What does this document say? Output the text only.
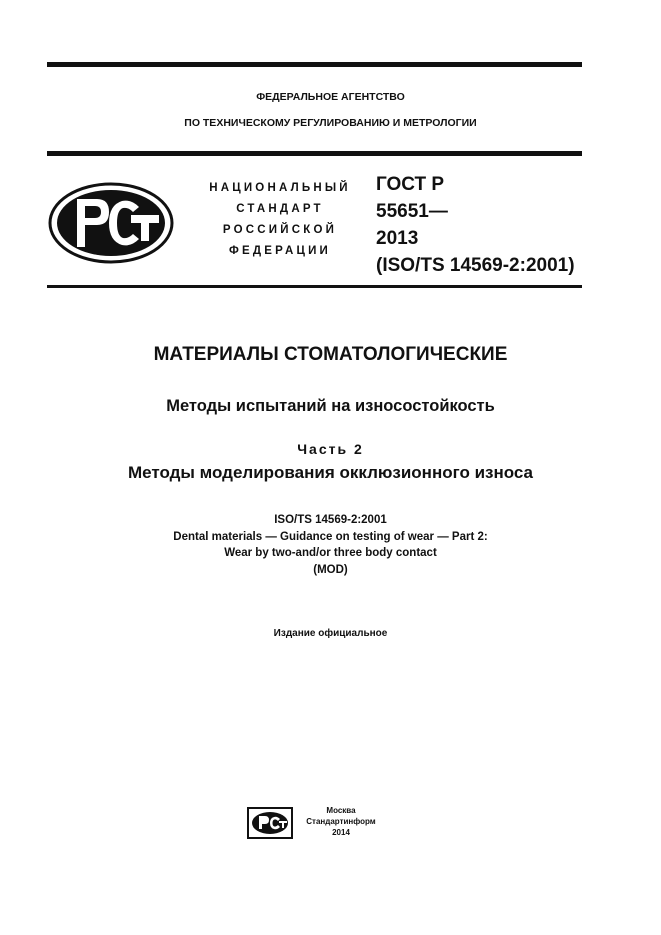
ФЕДЕРАЛЬНОЕ АГЕНТСТВО
ПО ТЕХНИЧЕСКОМУ РЕГУЛИРОВАНИЮ И МЕТРОЛОГИИ
НАЦИОНАЛЬНЫЙ
СТАНДАРТ
РОССИЙСКОЙ
ФЕДЕРАЦИИ
ГОСТ Р
55651—
2013
(ISO/TS 14569-2:2001)
МАТЕРИАЛЫ СТОМАТОЛОГИЧЕСКИЕ
Методы испытаний на износостойкость
Часть 2
Методы моделирования окклюзионного износа
ISO/TS 14569-2:2001
Dental materials — Guidance on testing of wear — Part 2:
Wear by two-and/or three body contact
(MOD)
Издание официальное
Москва
Стандартинформ
2014
